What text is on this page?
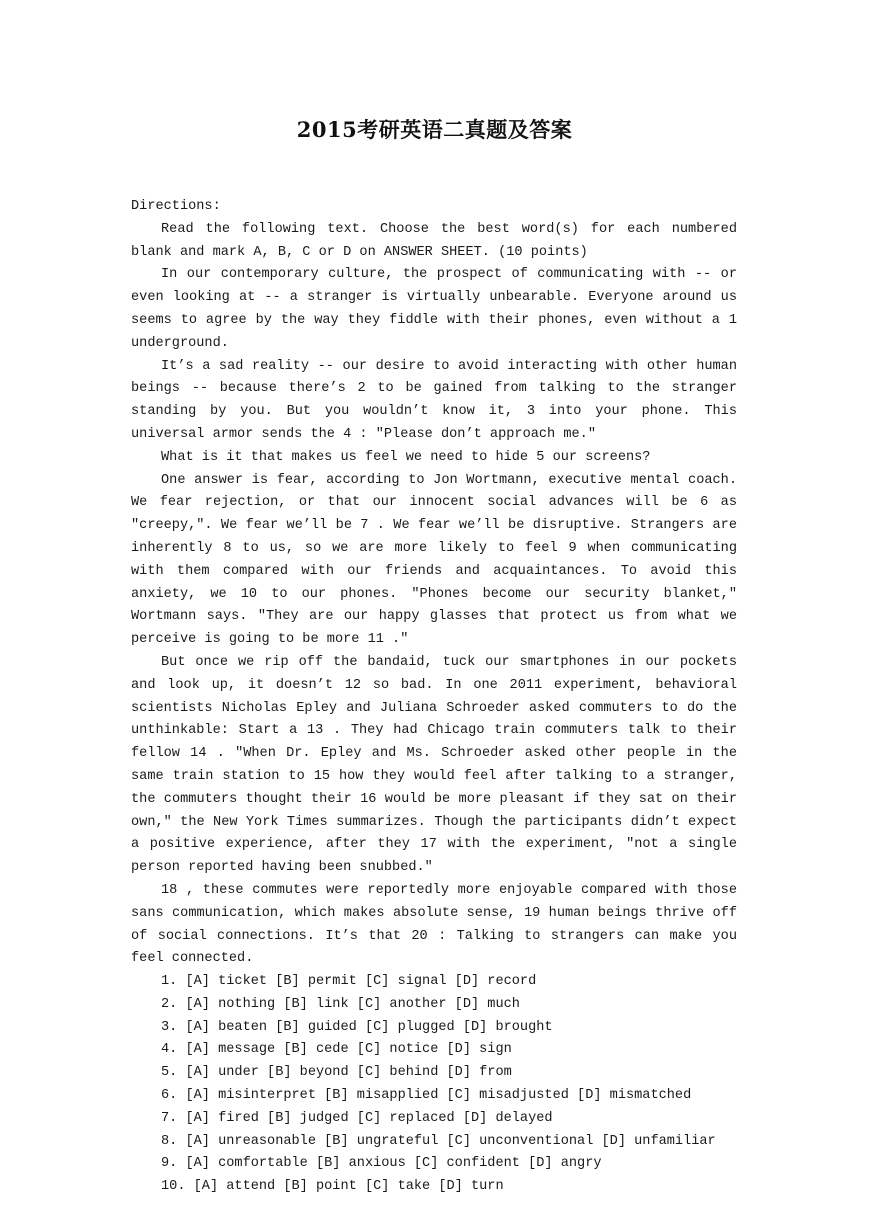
2015考研英语二真题及答案

Directions:

Read the following text. Choose the best word(s) for each numbered blank and mark A, B, C or D on ANSWER SHEET. (10 points)

In our contemporary culture, the prospect of communicating with -- or even looking at -- a stranger is virtually unbearable. Everyone around us seems to agree by the way they fiddle with their phones, even without a 1 underground.

It’s a sad reality -- our desire to avoid interacting with other human beings -- because there’s 2 to be gained from talking to the stranger standing by you. But you wouldn’t know it, 3 into your phone. This universal armor sends the 4 : "Please don’t approach me."

What is it that makes us feel we need to hide 5 our screens?

One answer is fear, according to Jon Wortmann, executive mental coach. We fear rejection, or that our innocent social advances will be 6 as "creepy,". We fear we’ll be 7 . We fear we’ll be disruptive. Strangers are inherently 8 to us, so we are more likely to feel 9 when communicating with them compared with our friends and acquaintances. To avoid this anxiety, we 10 to our phones. "Phones become our security blanket," Wortmann says. "They are our happy glasses that protect us from what we perceive is going to be more 11 ."

But once we rip off the bandaid, tuck our smartphones in our pockets and look up, it doesn’t 12 so bad. In one 2011 experiment, behavioral scientists Nicholas Epley and Juliana Schroeder asked commuters to do the unthinkable: Start a 13 . They had Chicago train commuters talk to their fellow 14 . "When Dr. Epley and Ms. Schroeder asked other people in the same train station to 15 how they would feel after talking to a stranger, the commuters thought their 16 would be more pleasant if they sat on their own," the New York Times summarizes. Though the participants didn’t expect a positive experience, after they 17 with the experiment, "not a single person reported having been snubbed."

18 , these commutes were reportedly more enjoyable compared with those sans communication, which makes absolute sense, 19 human beings thrive off of social connections. It’s that 20 : Talking to strangers can make you feel connected.

1. [A] ticket [B] permit [C] signal [D] record
2. [A] nothing [B] link [C] another [D] much
3. [A] beaten [B] guided [C] plugged [D] brought
4. [A] message [B] cede [C] notice [D] sign
5. [A] under [B] beyond [C] behind [D] from
6. [A] misinterpret [B] misapplied [C] misadjusted [D] mismatched
7. [A] fired [B] judged [C] replaced [D] delayed
8. [A] unreasonable [B] ungrateful [C] unconventional [D] unfamiliar
9. [A] comfortable [B] anxious [C] confident [D] angry
10. [A] attend [B] point [C] take [D] turn
